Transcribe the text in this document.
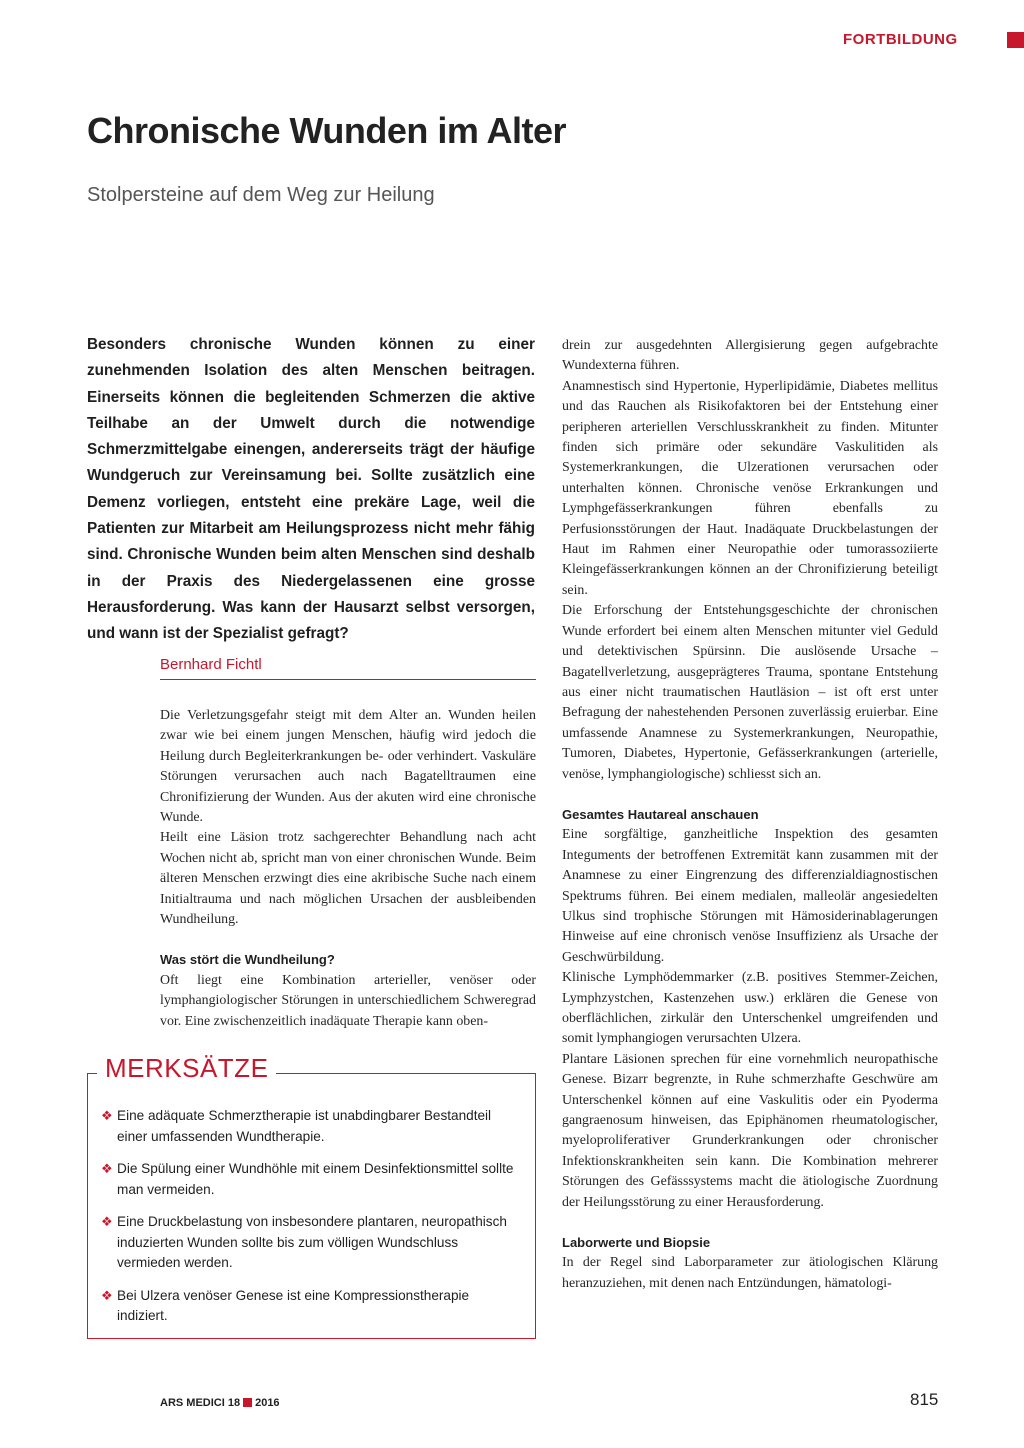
FORTBILDUNG
Chronische Wunden im Alter
Stolpersteine auf dem Weg zur Heilung

Besonders chronische Wunden können zu einer zunehmenden Isolation des alten Menschen beitragen. Einerseits können die begleitenden Schmerzen die aktive Teilhabe an der Umwelt durch die notwendige Schmerzmittelgabe einengen, andererseits trägt der häufige Wundgeruch zur Vereinsamung bei. Sollte zusätzlich eine Demenz vorliegen, entsteht eine prekäre Lage, weil die Patienten zur Mitarbeit am Heilungsprozess nicht mehr fähig sind. Chronische Wunden beim alten Menschen sind deshalb in der Praxis des Niedergelassenen eine grosse Herausforderung. Was kann der Hausarzt selbst versorgen, und wann ist der Spezialist gefragt?

Bernhard Fichtl

Die Verletzungsgefahr steigt mit dem Alter an. Wunden heilen zwar wie bei einem jungen Menschen, häufig wird jedoch die Heilung durch Begleiterkrankungen be- oder verhindert. Vaskuläre Störungen verursachen auch nach Bagatelltraumen eine Chronifizierung der Wunden. Aus der akuten wird eine chronische Wunde.

Heilt eine Läsion trotz sachgerechter Behandlung nach acht Wochen nicht ab, spricht man von einer chronischen Wunde. Beim älteren Menschen erzwingt dies eine akribische Suche nach einem Initialtrauma und nach möglichen Ursachen der ausbleibenden Wundheilung.

Was stört die Wundheilung?

Oft liegt eine Kombination arterieller, venöser oder lymphangiologischer Störungen in unterschiedlichem Schweregrad vor. Eine zwischenzeitlich inadäquate Therapie kann oben-

MERKSÄTZE
❖ Eine adäquate Schmerztherapie ist unabdingbarer Bestandteil einer umfassenden Wundtherapie.
❖ Die Spülung einer Wundhöhle mit einem Desinfektionsmittel sollte man vermeiden.
❖ Eine Druckbelastung von insbesondere plantaren, neuropathisch induzierten Wunden sollte bis zum völligen Wundschluss vermieden werden.
❖ Bei Ulzera venöser Genese ist eine Kompressionstherapie indiziert.

drein zur ausgedehnten Allergisierung gegen aufgebrachte Wundexterna führen.

Anamnestisch sind Hypertonie, Hyperlipidämie, Diabetes mellitus und das Rauchen als Risikofaktoren bei der Entstehung einer peripheren arteriellen Verschlusskrankheit zu finden. Mitunter finden sich primäre oder sekundäre Vaskulitiden als Systemerkrankungen, die Ulzerationen verursachen oder unterhalten können. Chronische venöse Erkrankungen und Lymphgefässerkrankungen führen ebenfalls zu Perfusionsstörungen der Haut. Inadäquate Druckbelastungen der Haut im Rahmen einer Neuropathie oder tumorassoziierte Kleingefässerkrankungen können an der Chronifizierung beteiligt sein.

Die Erforschung der Entstehungsgeschichte der chronischen Wunde erfordert bei einem alten Menschen mitunter viel Geduld und detektivischen Spürsinn. Die auslösende Ursache – Bagatellverletzung, ausgeprägteres Trauma, spontane Entstehung aus einer nicht traumatischen Hautläsion – ist oft erst unter Befragung der nahestehenden Personen zuverlässig eruierbar. Eine umfassende Anamnese zu Systemerkrankungen, Neuropathie, Tumoren, Diabetes, Hypertonie, Gefässerkrankungen (arterielle, venöse, lymphangiologische) schliesst sich an.

Gesamtes Hautareal anschauen

Eine sorgfältige, ganzheitliche Inspektion des gesamten Integuments der betroffenen Extremität kann zusammen mit der Anamnese zu einer Eingrenzung des differenzialdiagnostischen Spektrums führen. Bei einem medialen, malleolär angesiedelten Ulkus sind trophische Störungen mit Hämosiderinablagerungen Hinweise auf eine chronisch venöse Insuffizienz als Ursache der Geschwürbildung.

Klinische Lymphödemmarker (z.B. positives Stemmer-Zeichen, Lymphzystchen, Kastenzehen usw.) erklären die Genese von oberflächlichen, zirkulär den Unterschenkel umgreifenden und somit lymphangiogen verursachten Ulzera.

Plantare Läsionen sprechen für eine vornehmlich neuropathische Genese. Bizarr begrenzte, in Ruhe schmerzhafte Geschwüre am Unterschenkel können auf eine Vaskulitis oder ein Pyoderma gangraenosum hinweisen, das Epiphänomen rheumatologischer, myeloproliferativer Grunderkrankungen oder chronischer Infektionskrankheiten sein kann. Die Kombination mehrerer Störungen des Gefässsystems macht die ätiologische Zuordnung der Heilungsstörung zu einer Herausforderung.

Laborwerte und Biopsie

In der Regel sind Laborparameter zur ätiologischen Klärung heranzuziehen, mit denen nach Entzündungen, hämatologi-

ARS MEDICI 18 2016	815
